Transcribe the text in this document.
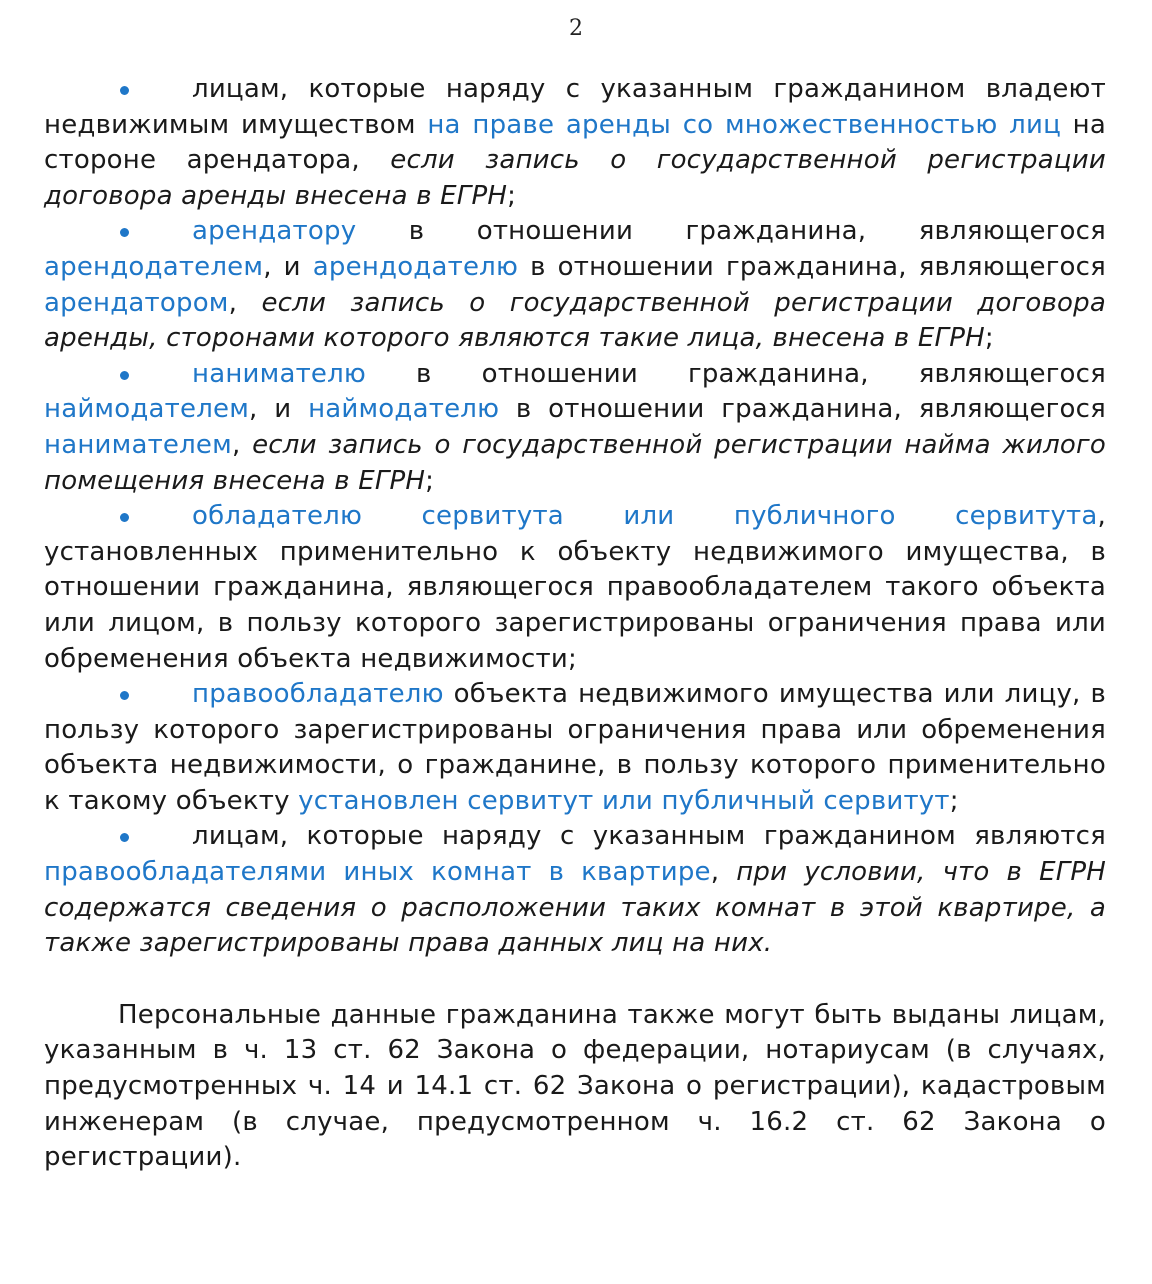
2

лицам, которые наряду с указанным гражданином владеют недвижимым имуществом на праве аренды со множественностью лиц на стороне арендатора, если запись о государственной регистрации договора аренды внесена в ЕГРН;

арендатору в отношении гражданина, являющегося арендодателем, и арендодателю в отношении гражданина, являющегося арендатором, если запись о государственной регистрации договора аренды, сторонами которого являются такие лица, внесена в ЕГРН;

нанимателю в отношении гражданина, являющегося наймодателем, и наймодателю в отношении гражданина, являющегося нанимателем, если запись о государственной регистрации найма жилого помещения внесена в ЕГРН;

обладателю сервитута или публичного сервитута, установленных применительно к объекту недвижимого имущества, в отношении гражданина, являющегося правообладателем такого объекта или лицом, в пользу которого зарегистрированы ограничения права или обременения объекта недвижимости;

правообладателю объекта недвижимого имущества или лицу, в пользу которого зарегистрированы ограничения права или обременения объекта недвижимости, о гражданине, в пользу которого применительно к такому объекту установлен сервитут или публичный сервитут;

лицам, которые наряду с указанным гражданином являются правообладателями иных комнат в квартире, при условии, что в ЕГРН содержатся сведения о расположении таких комнат в этой квартире, а также зарегистрированы права данных лиц на них.

Персональные данные гражданина также могут быть выданы лицам, указанным в ч. 13 ст. 62 Закона о федерации, нотариусам (в случаях, предусмотренных ч. 14 и 14.1 ст. 62 Закона о регистрации), кадастровым инженерам (в случае, предусмотренном ч. 16.2 ст. 62 Закона о регистрации).
